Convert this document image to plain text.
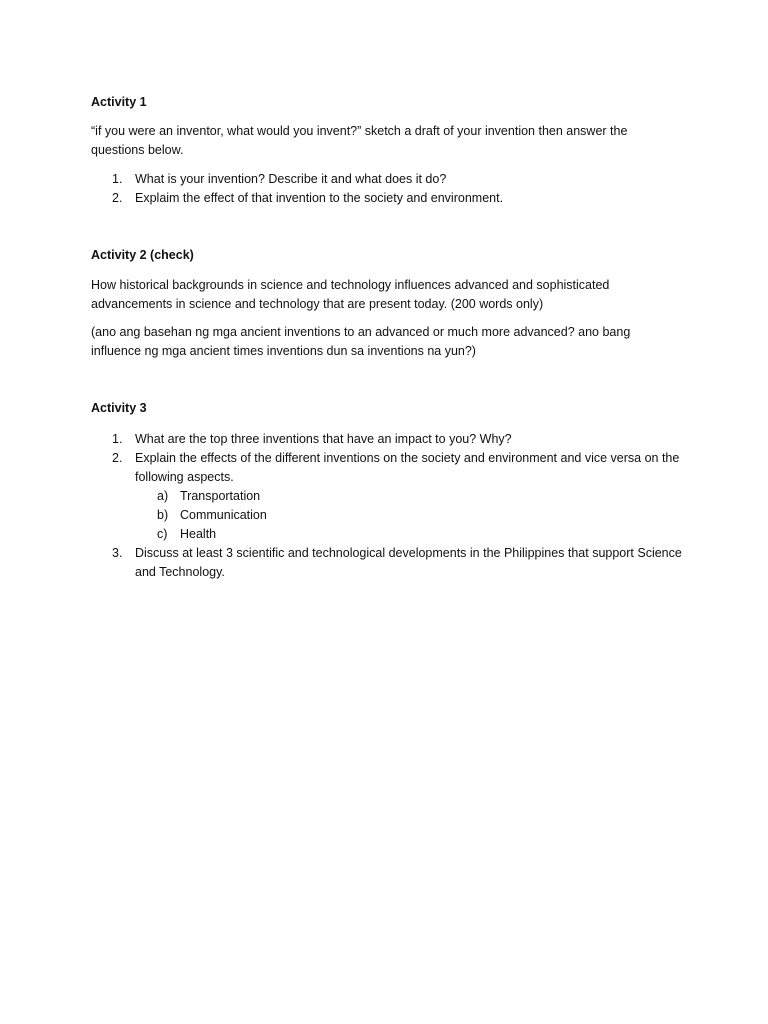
Activity 1

“if you were an inventor, what would you invent?” sketch a draft of your invention then answer the questions below.

1. What is your invention? Describe it and what does it do?
2. Explaim the effect of that invention to the society and environment.

Activity 2 (check)

How historical backgrounds in science and technology influences advanced and sophisticated advancements in science and technology that are present today. (200 words only)

(ano ang basehan ng mga ancient inventions to an advanced or much more advanced? ano bang influence ng mga ancient times inventions dun sa inventions na yun?)

Activity 3

1. What are the top three inventions that have an impact to you? Why?
2. Explain the effects of the different inventions on the society and environment and vice versa on the following aspects.
a) Transportation
b) Communication
c) Health
3. Discuss at least 3 scientific and technological developments in the Philippines that support Science and Technology.
